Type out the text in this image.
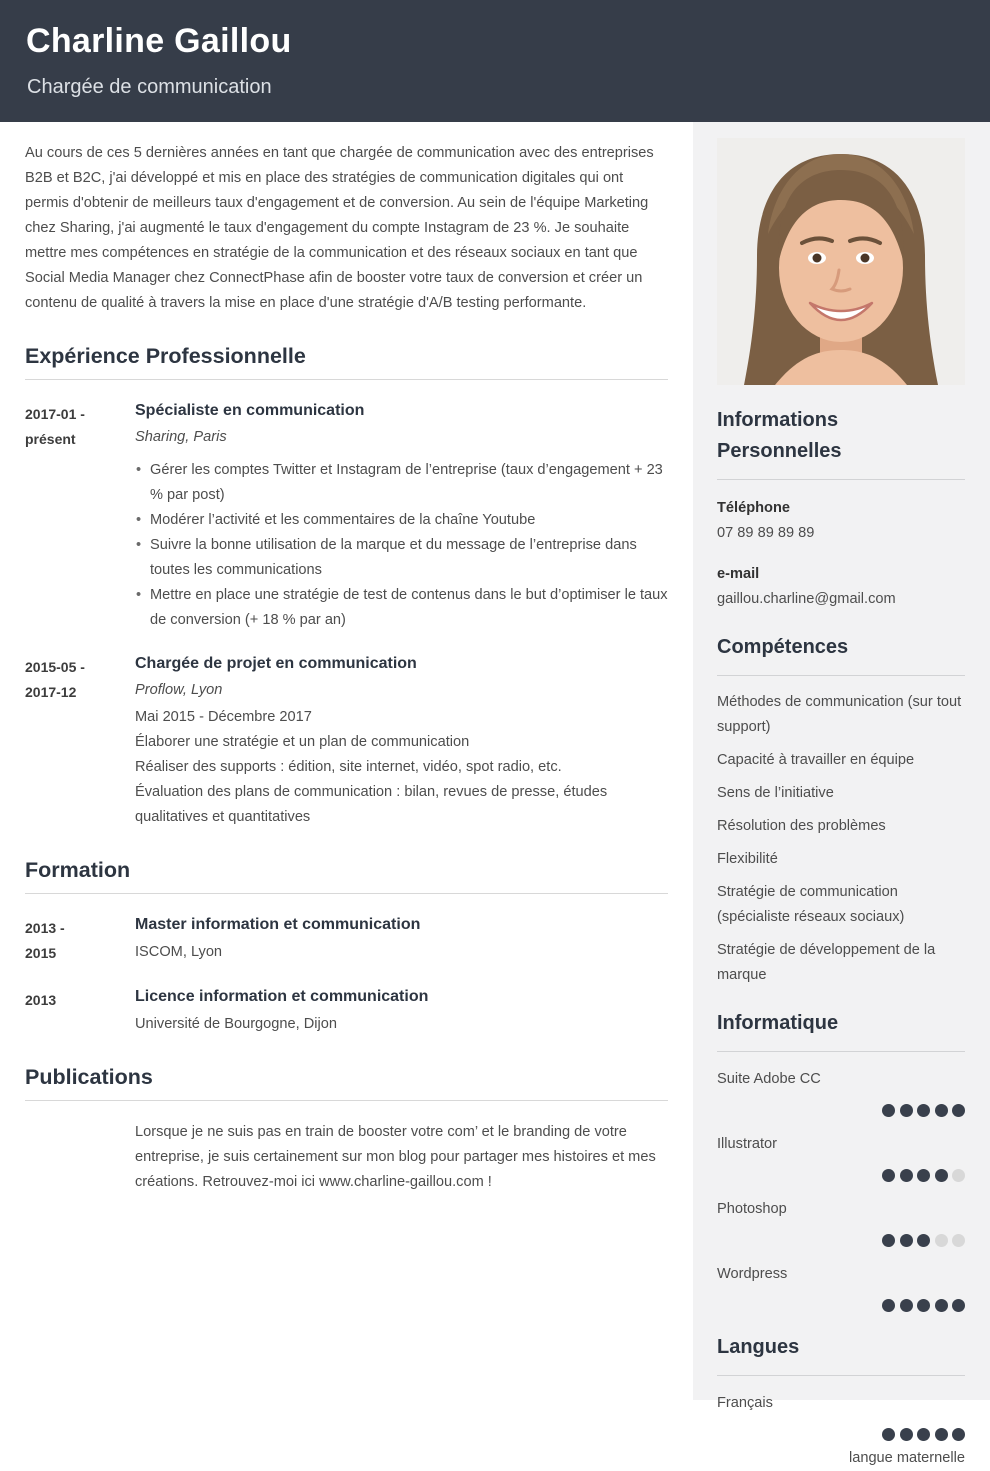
Charline Gaillou
Chargée de communication

Au cours de ces 5 dernières années en tant que chargée de communication avec des entreprises B2B et B2C, j'ai développé et mis en place des stratégies de communication digitales qui ont permis d'obtenir de meilleurs taux d'engagement et de conversion. Au sein de l'équipe Marketing chez Sharing, j'ai augmenté le taux d'engagement du compte Instagram de 23 %. Je souhaite mettre mes compétences en stratégie de la communication et des réseaux sociaux en tant que Social Media Manager chez ConnectPhase afin de booster votre taux de conversion et créer un contenu de qualité à travers la mise en place d'une stratégie d'A/B testing performante.

Expérience Professionnelle
2017-01 -
présent
Spécialiste en communication
Sharing, Paris
• Gérer les comptes Twitter et Instagram de l’entreprise (taux d’engagement + 23 % par post)
• Modérer l’activité et les commentaires de la chaîne Youtube
• Suivre la bonne utilisation de la marque et du message de l’entreprise dans toutes les communications
• Mettre en place une stratégie de test de contenus dans le but d’optimiser le taux de conversion (+ 18 % par an)
2015-05 -
2017-12
Chargée de projet en communication
Proflow, Lyon

Mai 2015 - Décembre 2017

Élaborer une stratégie et un plan de communication

Réaliser des supports : édition, site internet, vidéo, spot radio, etc.

Évaluation des plans de communication : bilan, revues de presse, études qualitatives et quantitatives

Formation
2013 -
2015
Master information et communication
ISCOM, Lyon
2013	Licence information et communication
Université de Bourgogne, Dijon
Publications

Lorsque je ne suis pas en train de booster votre com’ et le branding de votre entreprise, je suis certainement sur mon blog pour partager mes histoires et mes créations. Retrouvez-moi ici www.charline-gaillou.com !

Informations Personnelles
Téléphone
07 89 89 89 89
e-mail
gaillou.charline@gmail.com
Compétences
Méthodes de communication (sur tout support)
Capacité à travailler en équipe
Sens de l’initiative
Résolution des problèmes
Flexibilité
Stratégie de communication (spécialiste réseaux sociaux)
Stratégie de développement de la marque
Informatique
Suite Adobe CC
Illustrator
Photoshop
Wordpress
Langues
Français
langue maternelle
